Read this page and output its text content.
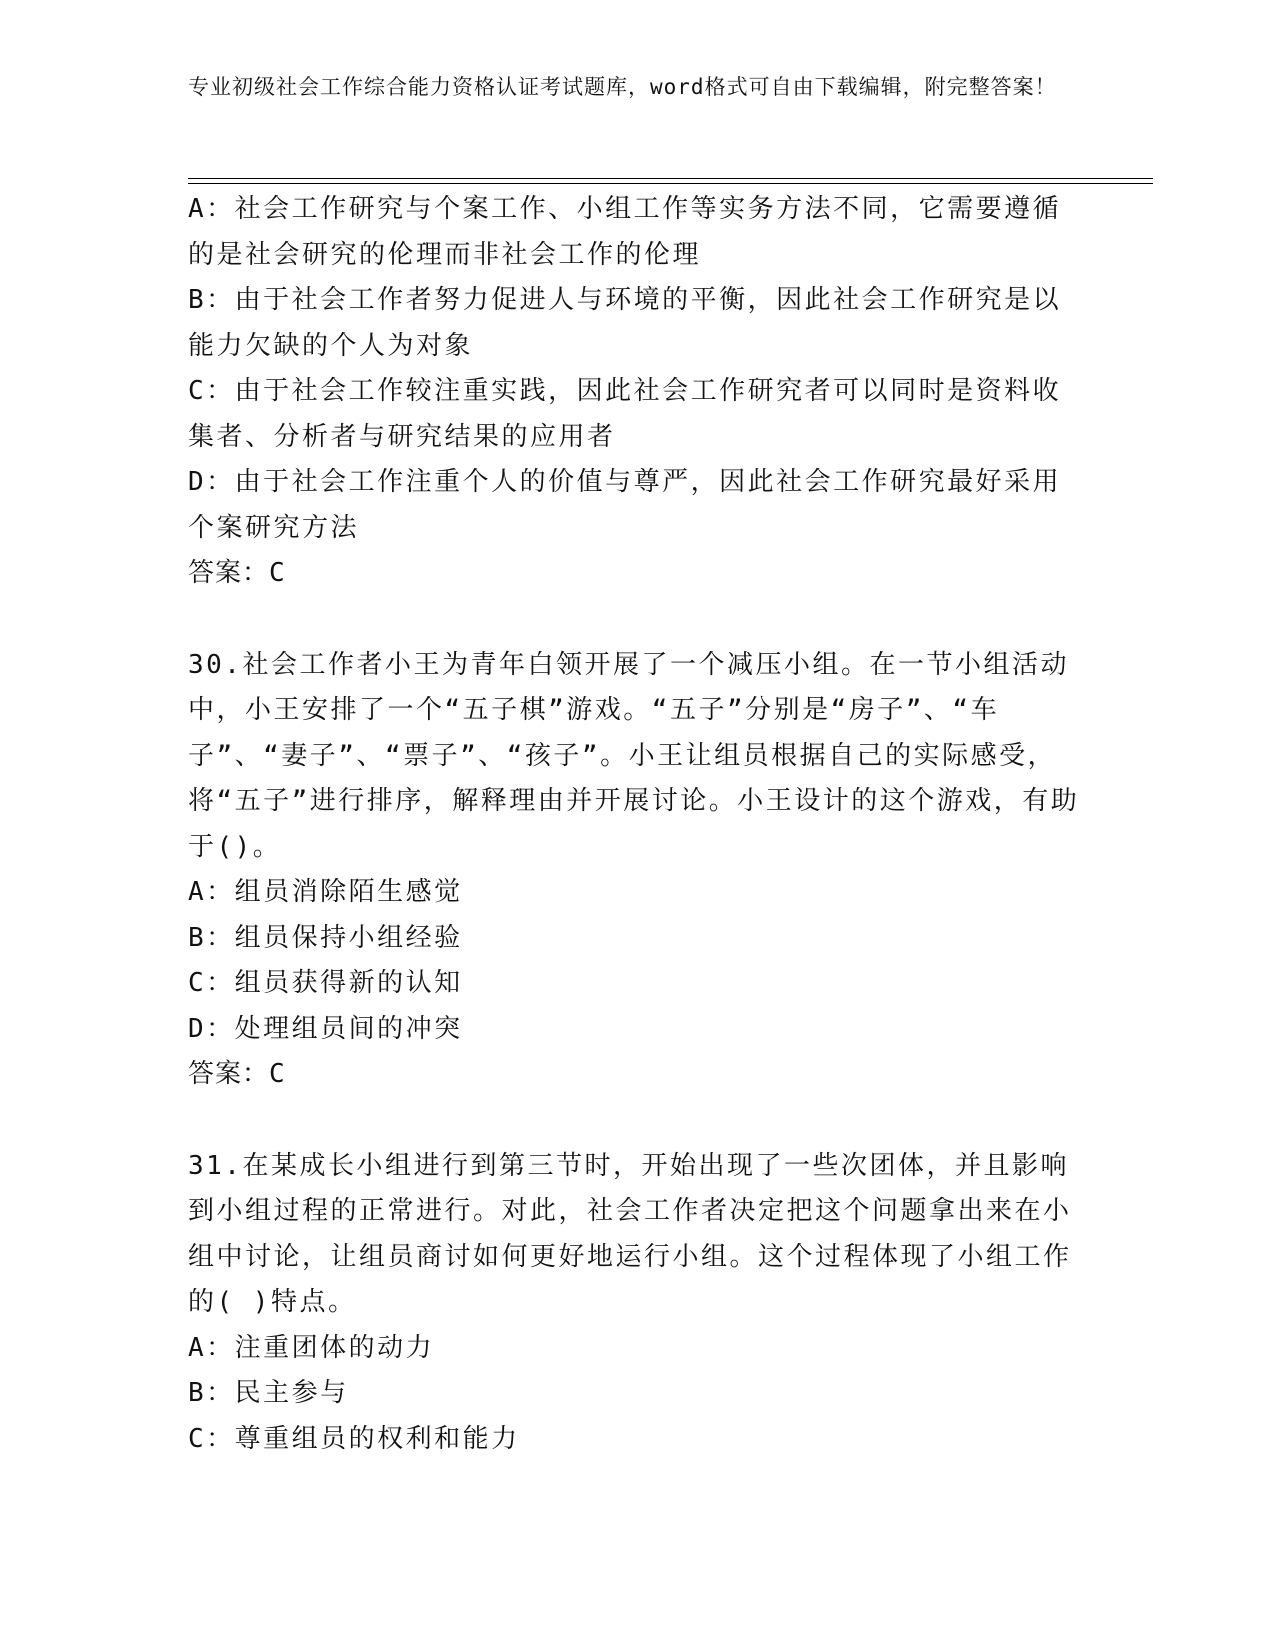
专业初级社会工作综合能力资格认证考试题库，word格式可自由下载编辑，附完整答案！

A：社会工作研究与个案工作、小组工作等实务方法不同，它需要遵循的是社会研究的伦理而非社会工作的伦理

B：由于社会工作者努力促进人与环境的平衡，因此社会工作研究是以能力欠缺的个人为对象

C：由于社会工作较注重实践，因此社会工作研究者可以同时是资料收集者、分析者与研究结果的应用者

D：由于社会工作注重个人的价值与尊严，因此社会工作研究最好采用个案研究方法

答案：C

30.社会工作者小王为青年白领开展了一个减压小组。在一节小组活动中，小王安排了一个“五子棋”游戏。“五子”分别是“房子”、“车子”、“妻子”、“票子”、“孩子”。小王让组员根据自己的实际感受，将“五子”进行排序，解释理由并开展讨论。小王设计的这个游戏，有助于()。

A：组员消除陌生感觉

B：组员保持小组经验

C：组员获得新的认知

D：处理组员间的冲突

答案：C

31.在某成长小组进行到第三节时，开始出现了一些次团体，并且影响到小组过程的正常进行。对此，社会工作者决定把这个问题拿出来在小组中讨论，让组员商讨如何更好地运行小组。这个过程体现了小组工作的( )特点。

A：注重团体的动力

B：民主参与

C：尊重组员的权利和能力
